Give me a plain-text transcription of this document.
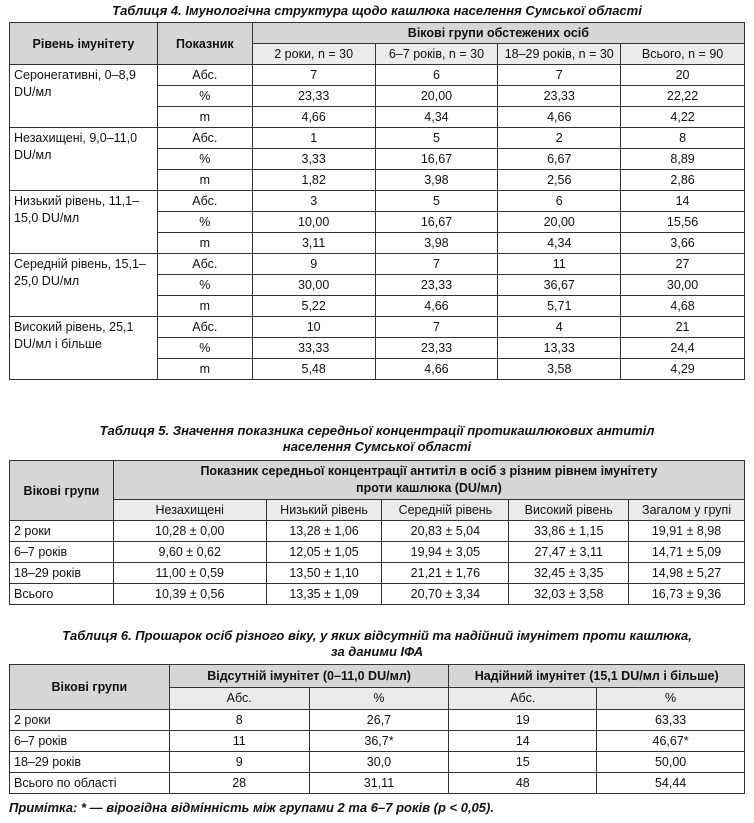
Таблиця 4. Імунологічна структура щодо кашлюка населення Сумської області
Рівень імунітету	Показник	Вікові групи обстежених осіб			
		2 роки, n = 30	6–7 років, n = 30	18–29 років, n = 30	Всього, n = 90
Серонегативні, 0–8,9 DU/мл	Абс.	7	6	7	20
	%	23,33	20,00	23,33	22,22
	m	4,66	4,34	4,66	4,22
Незахищені, 9,0–11,0 DU/мл	Абс.	1	5	2	8
	%	3,33	16,67	6,67	8,89
	m	1,82	3,98	2,56	2,86
Низький рівень, 11,1–15,0 DU/мл	Абс.	3	5	6	14
	%	10,00	16,67	20,00	15,56
	m	3,11	3,98	4,34	3,66
Середній рівень, 15,1–25,0 DU/мл	Абс.	9	7	11	27
	%	30,00	23,33	36,67	30,00
	m	5,22	4,66	5,71	4,68
Високий рівень, 25,1 DU/мл і більше	Абс.	10	7	4	21
	%	33,33	23,33	13,33	24,4
	m	5,48	4,66	3,58	4,29
Таблиця 5. Значення показника середньої концентрації протикашлюкових антитіл
населення Сумської області
Вікові групи	Показник середньої концентрації антитіл в осіб з різним рівнем імунітету
проти кашлюка (DU/мл)				

	Незахищені	Низький рівень	Середній рівень	Високий рівень	Загалом у групі
2 роки	10,28 ± 0,00	13,28 ± 1,06	20,83 ± 5,04	33,86 ± 1,15	19,91 ± 8,98
6–7 років	9,60 ± 0,62	12,05 ± 1,05	19,94 ± 3,05	27,47 ± 3,11	14,71 ± 5,09
18–29 років	11,00 ± 0,59	13,50 ± 1,10	21,21 ± 1,76	32,45 ± 3,35	14,98 ± 5,27
Всього	10,39 ± 0,56	13,35 ± 1,09	20,70 ± 3,34	32,03 ± 3,58	16,73 ± 9,36
Таблиця 6. Прошарок осіб різного віку, у яких відсутній та надійний імунітет проти кашлюка,
за даними ІФА
Вікові групи	Відсутній імунітет (0–11,0 DU/мл)		Надійний імунітет (15,1 DU/мл і більше)	
	Абс.	%	Абс.	%
2 роки	8	26,7	19	63,33
6–7 років	11	36,7*	14	46,67*
18–29 років	9	30,0	15	50,00
Всього по області	28	31,11	48	54,44
Примітка: * — вірогідна відмінність між групами 2 та 6–7 років (p < 0,05).
